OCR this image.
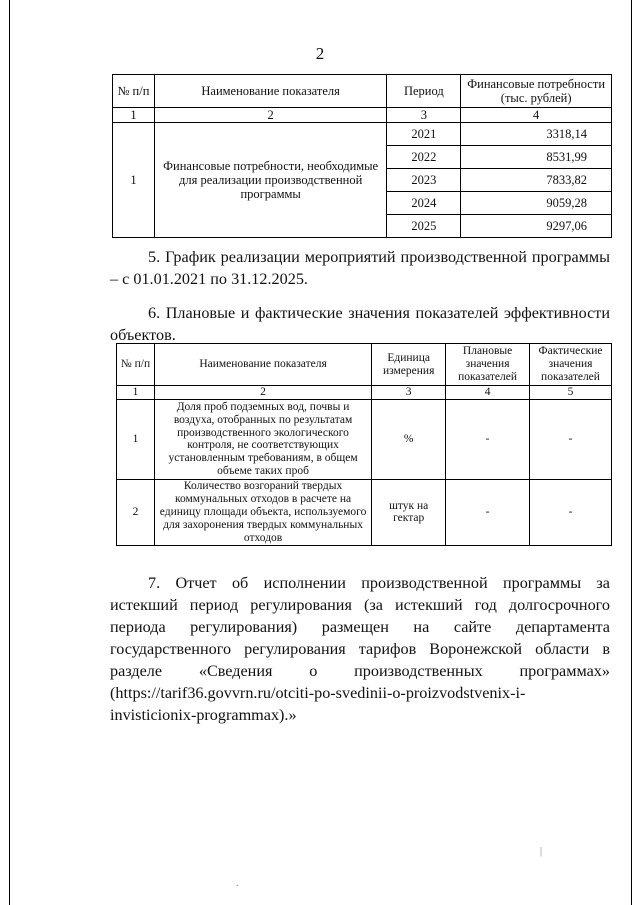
2
№ п/п	Наименование показателя	Период	Финансовые потребности (тыс. рублей)
1	2	3	4
1	Финансовые потребности, необходимые для реализации производственной программы	2021	3318,14
		2022	8531,99
		2023	7833,82
		2024	9059,28
		2025	9297,06

5. График реализации мероприятий производственной программы – с 01.01.2021 по 31.12.2025.

6. Плановые и фактические значения показателей эффективности объектов.

№ п/п	Наименование показателя	Единица измерения	Плановые значения показателей	Фактические значения показателей
1	2	3	4	5
1	Доля проб подземных вод, почвы и воздуха, отобранных по результатам производственного экологического контроля, не соответствующих установленным требованиям, в общем объеме таких проб	%	-	-
2	Количество возгораний твердых коммунальных отходов в расчете на единицу площади объекта, используемого для захоронения твердых коммунальных отходов	штук на гектар	-	-

7. Отчет об исполнении производственной программы за истекший период регулирования (за истекший год долгосрочного периода регулирования) размещен на сайте департамента государственного регулирования тарифов Воронежской области в разделе «Сведения о производственных программах» (https://tarif36.govvrn.ru/otciti-po-svedinii-o-proizvodstvenix-i-invisticionix-programmax).»

|
.
